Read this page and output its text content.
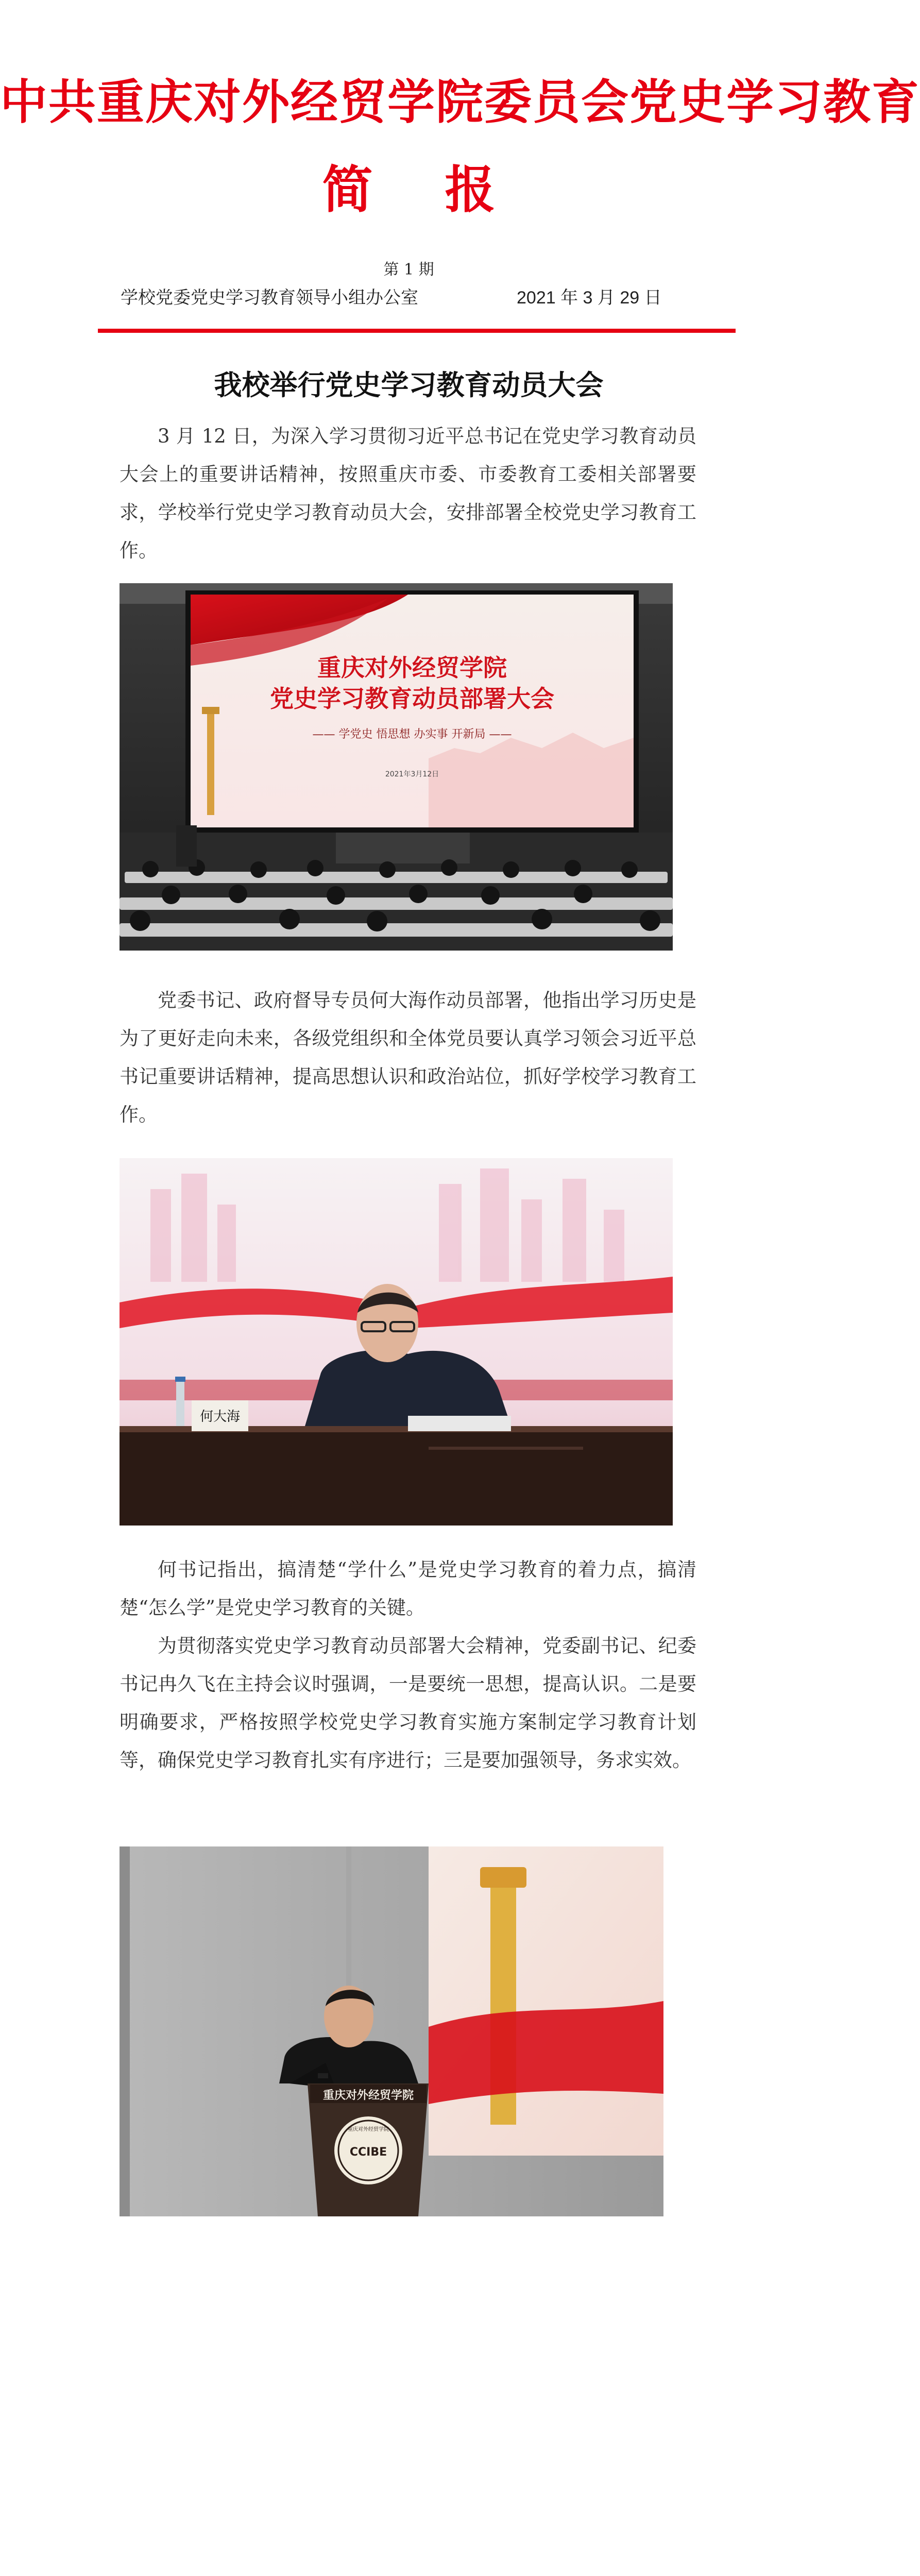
中共重庆对外经贸学院委员会党史学习教育
简报
第 1 期
学校党委党史学习教育领导小组办公室	2021 年 3 月 29 日
我校举行党史学习教育动员大会

3 月 12 日，为深入学习贯彻习近平总书记在党史学习教育动员大会上的重要讲话精神，按照重庆市委、市委教育工委相关部署要求，学校举行党史学习教育动员大会，安排部署全校党史学习教育工作。

重庆对外经贸学院
党史学习教育动员部署大会
—— 学党史 悟思想 办实事 开新局 ——
2021年3月12日

党委书记、政府督导专员何大海作动员部署，他指出学习历史是为了更好走向未来，各级党组织和全体党员要认真学习领会习近平总书记重要讲话精神，提高思想认识和政治站位，抓好学校学习教育工作。

何大海

何书记指出，搞清楚“学什么”是党史学习教育的着力点，搞清楚“怎么学”是党史学习教育的关键。

为贯彻落实党史学习教育动员部署大会精神，党委副书记、纪委书记冉久飞在主持会议时强调，一是要统一思想，提高认识。二是要明确要求，严格按照学校党史学习教育实施方案制定学习教育计划等，确保党史学习教育扎实有序进行；三是要加强领导，务求实效。

重庆对外经贸学院
重庆对外经贸学院
CCIBE
